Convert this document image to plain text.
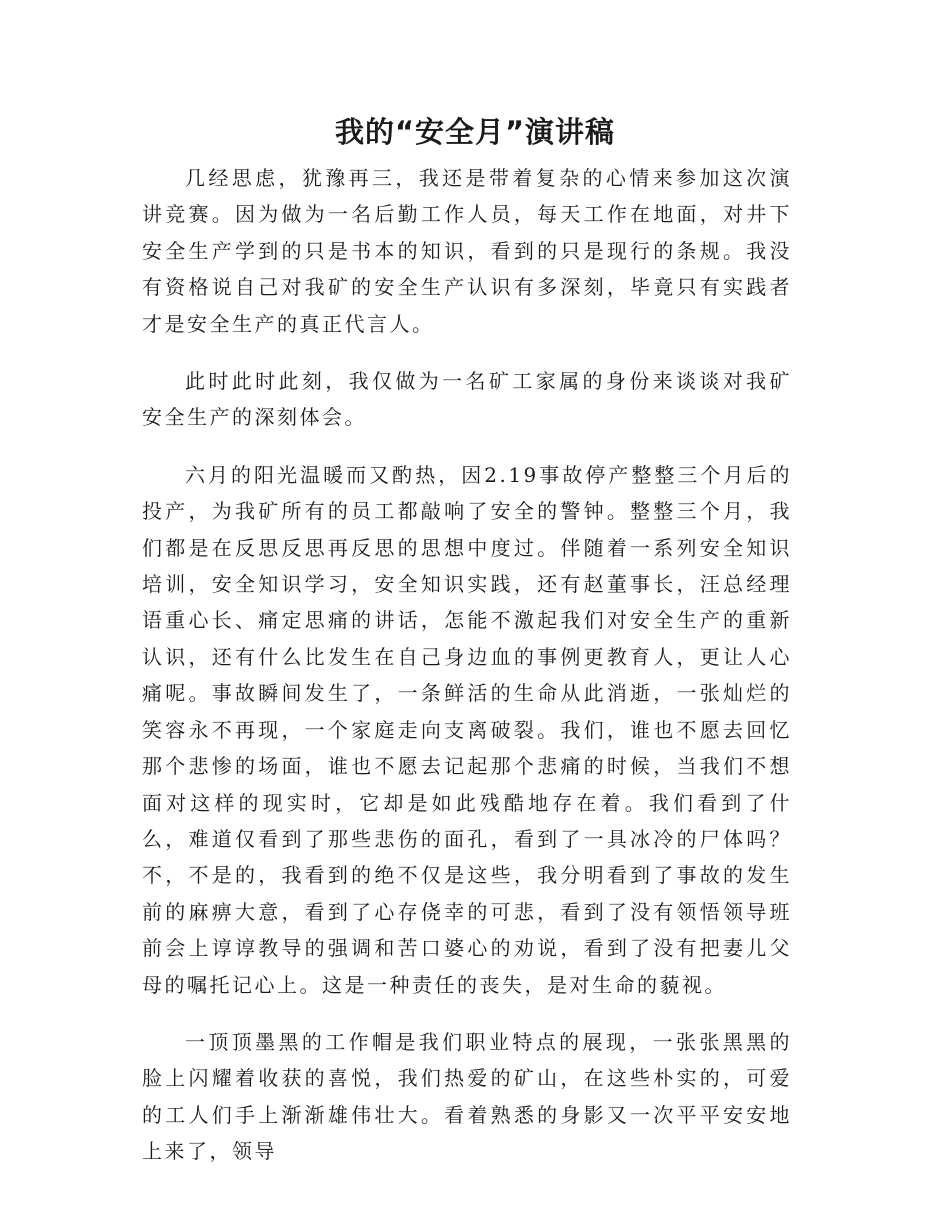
我的“安全月”演讲稿

几经思虑，犹豫再三，我还是带着复杂的心情来参加这次演讲竞赛。因为做为一名后勤工作人员，每天工作在地面，对井下安全生产学到的只是书本的知识，看到的只是现行的条规。我没有资格说自己对我矿的安全生产认识有多深刻，毕竟只有实践者才是安全生产的真正代言人。

此时此时此刻，我仅做为一名矿工家属的身份来谈谈对我矿安全生产的深刻体会。

六月的阳光温暖而又酌热，因2.19事故停产整整三个月后的投产，为我矿所有的员工都敲响了安全的警钟。整整三个月，我们都是在反思反思再反思的思想中度过。伴随着一系列安全知识培训，安全知识学习，安全知识实践，还有赵董事长，汪总经理语重心长、痛定思痛的讲话，怎能不激起我们对安全生产的重新认识，还有什么比发生在自己身边血的事例更教育人，更让人心痛呢。事故瞬间发生了，一条鲜活的生命从此消逝，一张灿烂的笑容永不再现，一个家庭走向支离破裂。我们，谁也不愿去回忆那个悲惨的场面，谁也不愿去记起那个悲痛的时候，当我们不想面对这样的现实时，它却是如此残酷地存在着。我们看到了什么，难道仅看到了那些悲伤的面孔，看到了一具冰冷的尸体吗？不，不是的，我看到的绝不仅是这些，我分明看到了事故的发生前的麻痹大意，看到了心存侥幸的可悲，看到了没有领悟领导班前会上谆谆教导的强调和苦口婆心的劝说，看到了没有把妻儿父母的嘱托记心上。这是一种责任的丧失，是对生命的藐视。

一顶顶墨黑的工作帽是我们职业特点的展现，一张张黑黑的脸上闪耀着收获的喜悦，我们热爱的矿山，在这些朴实的，可爱的工人们手上渐渐雄伟壮大。看着熟悉的身影又一次平平安安地上来了，领导
